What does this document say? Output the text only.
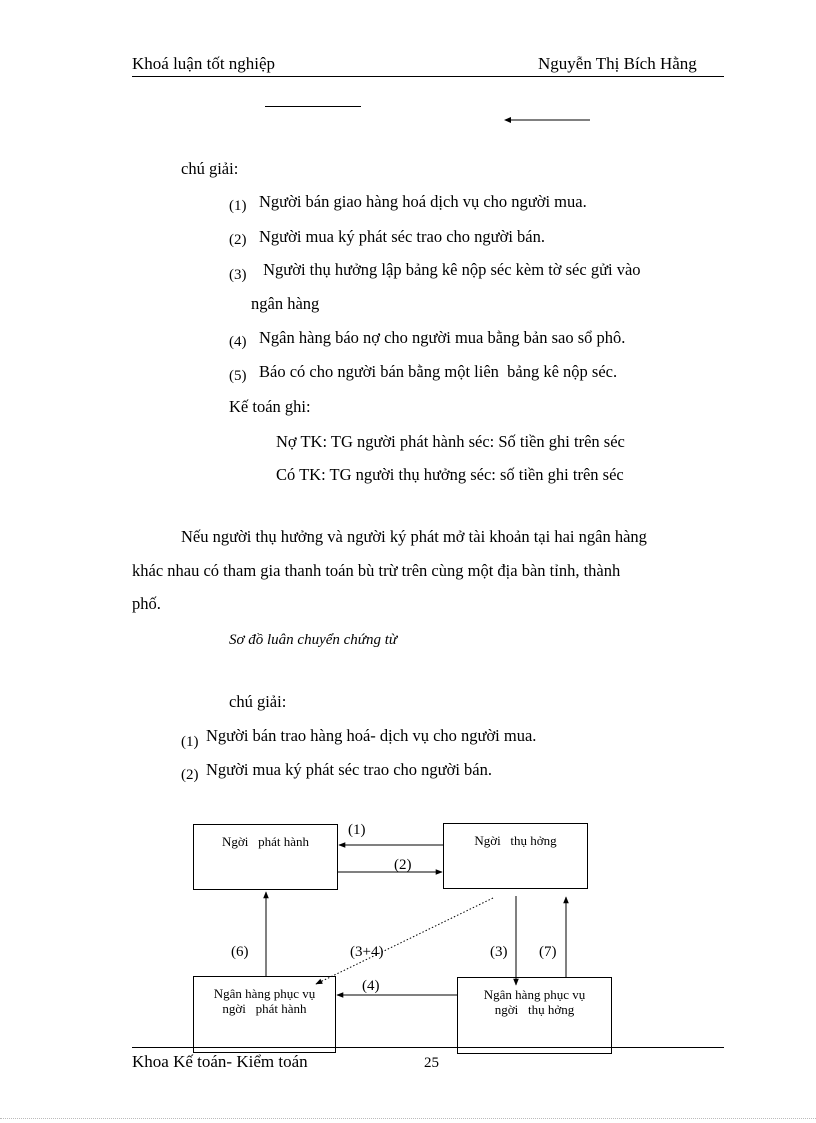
Khoá luận tốt nghiệp	Nguyễn Thị Bích Hằng
chú giải:
(1) Người bán giao hàng hoá dịch vụ cho người mua.
(2) Người mua ký phát séc trao cho người bán.
(3) Người thụ hưởng lập bảng kê nộp séc kèm tờ séc gửi vào
ngân hàng
(4) Ngân hàng báo nợ cho người mua bằng bản sao sổ phô.
(5) Báo có cho người bán bằng một liên  bảng kê nộp séc.
Kế toán ghi:
Nợ TK: TG người phát hành séc: Số tiền ghi trên séc
Có TK: TG người thụ hưởng séc: số tiền ghi trên séc
Nếu người thụ hưởng và người ký phát mở tài khoản tại hai ngân hàng
khác nhau có tham gia thanh toán bù trừ trên cùng một địa bàn tỉnh, thành
phố.
Sơ đồ luân chuyển chứng từ
chú giải:
(1) Người bán trao hàng hoá- dịch vụ cho người mua.
(2) Người mua ký phát séc trao cho người bán.
Ngời   phát hành	Ngời   thụ hởng
Ngân hàng phục vụ
ngời   phát hành
Ngân hàng phục vụ
ngời   thụ hởng
(1)
(2)
(6)	(3+4)	(3) (7)
(4)
Khoa Kế toán- Kiểm toán	25
